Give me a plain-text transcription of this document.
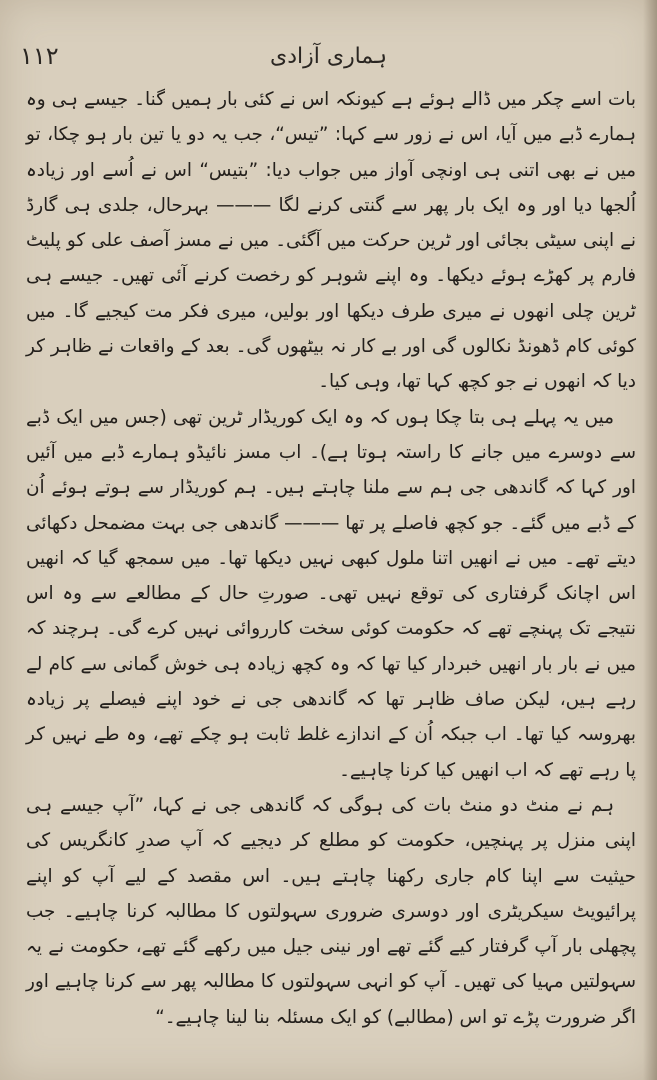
۱۱۲	ہماری آزادی

بات اسے چکر میں ڈالے ہوئے ہے کیونکہ اس نے کئی بار ہمیں گنا۔ جیسے ہی وہ ہمارے ڈبے میں آیا، اس نے زور سے کہا: ”تیس“، جب یہ دو یا تین بار ہو چکا، تو میں نے بھی اتنی ہی اونچی آواز میں جواب دیا: ”بتیس“ اس نے اُسے اور زیادہ اُلجھا دیا اور وہ ایک بار پھر سے گنتی کرنے لگا ——— بہرحال، جلدی ہی گارڈ نے اپنی سیٹی بجائی اور ٹرین حرکت میں آگئی۔ میں نے مسز آصف علی کو پلیٹ فارم پر کھڑے ہوئے دیکھا۔ وہ اپنے شوہر کو رخصت کرنے آئی تھیں۔ جیسے ہی ٹرین چلی انھوں نے میری طرف دیکھا اور بولیں، میری فکر مت کیجیے گا۔ میں کوئی کام ڈھونڈ نکالوں گی اور بے کار نہ بیٹھوں گی۔ بعد کے واقعات نے ظاہر کر دیا کہ انھوں نے جو کچھ کہا تھا، وہی کیا۔

میں یہ پہلے ہی بتا چکا ہوں کہ وہ ایک کوریڈار ٹرین تھی (جس میں ایک ڈبے سے دوسرے میں جانے کا راستہ ہوتا ہے)۔ اب مسز نائیڈو ہمارے ڈبے میں آئیں اور کہا کہ گاندھی جی ہم سے ملنا چاہتے ہیں۔ ہم کوریڈار سے ہوتے ہوئے اُن کے ڈبے میں گئے۔ جو کچھ فاصلے پر تھا ——— گاندھی جی بہت مضمحل دکھائی دیتے تھے۔ میں نے انھیں اتنا ملول کبھی نہیں دیکھا تھا۔ میں سمجھ گیا کہ انھیں اس اچانک گرفتاری کی توقع نہیں تھی۔ صورتِ حال کے مطالعے سے وہ اس نتیجے تک پہنچے تھے کہ حکومت کوئی سخت کارروائی نہیں کرے گی۔ ہرچند کہ میں نے بار بار انھیں خبردار کیا تھا کہ وہ کچھ زیادہ ہی خوش گمانی سے کام لے رہے ہیں، لیکن صاف ظاہر تھا کہ گاندھی جی نے خود اپنے فیصلے پر زیادہ بھروسہ کیا تھا۔ اب جبکہ اُن کے اندازے غلط ثابت ہو چکے تھے، وہ طے نہیں کر پا رہے تھے کہ اب انھیں کیا کرنا چاہیے۔

ہم نے منٹ دو منٹ بات کی ہوگی کہ گاندھی جی نے کہا، ”آپ جیسے ہی اپنی منزل پر پہنچیں، حکومت کو مطلع کر دیجیے کہ آپ صدرِ کانگریس کی حیثیت سے اپنا کام جاری رکھنا چاہتے ہیں۔ اس مقصد کے لیے آپ کو اپنے پرائیویٹ سیکریٹری اور دوسری ضروری سہولتوں کا مطالبہ کرنا چاہیے۔ جب پچھلی بار آپ گرفتار کیے گئے تھے اور نینی جیل میں رکھے گئے تھے، حکومت نے یہ سہولتیں مہیا کی تھیں۔ آپ کو انہی سہولتوں کا مطالبہ پھر سے کرنا چاہیے اور اگر ضرورت پڑے تو اس (مطالبے) کو ایک مسئلہ بنا لینا چاہیے۔“
